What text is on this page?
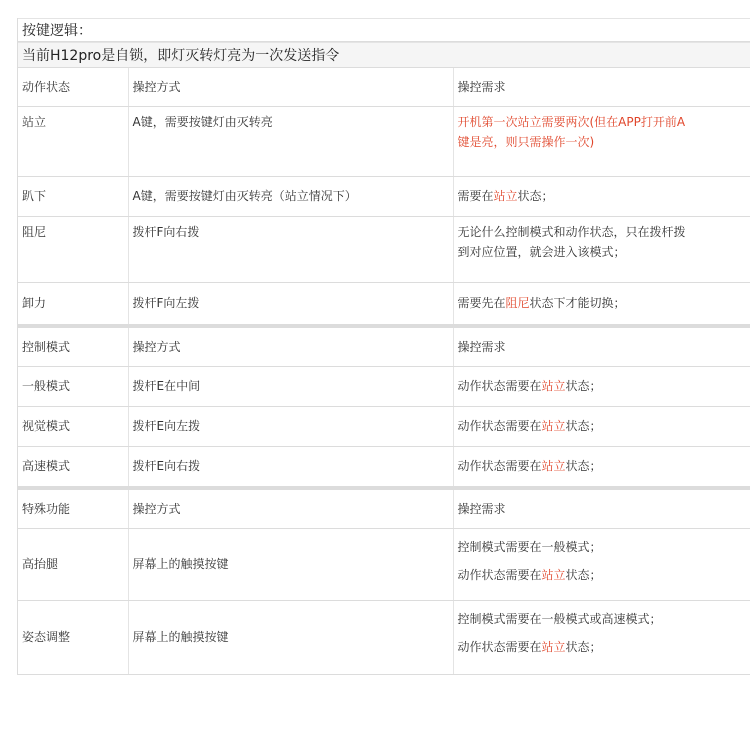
按键逻辑：
当前H12pro是自锁，即灯灭转灯亮为一次发送指令
动作状态	操控方式	操控需求
站立	A键，需要按键灯由灭转亮	开机第一次站立需要两次(但在APP打开前A

键是亮，则只需操作一次)

趴下	A键，需要按键灯由灭转亮（站立情况下）	需要在站立状态；
阻尼	拨杆F向右拨	无论什么控制模式和动作状态，只在拨杆拨

到对应位置，就会进入该模式；

卸力	拨杆F向左拨	需要先在阻尼状态下才能切换；

控制模式	操控方式	操控需求
一般模式	拨杆E在中间	动作状态需要在站立状态；
视觉模式	拨杆E向左拨	动作状态需要在站立状态；
高速模式	拨杆E向右拨	动作状态需要在站立状态；

特殊功能	操控方式	操控需求
高抬腿	屏幕上的触摸按键	控制模式需要在一般模式；

动作状态需要在站立状态；

姿态调整	屏幕上的触摸按键	控制模式需要在一般模式或高速模式；

动作状态需要在站立状态；
